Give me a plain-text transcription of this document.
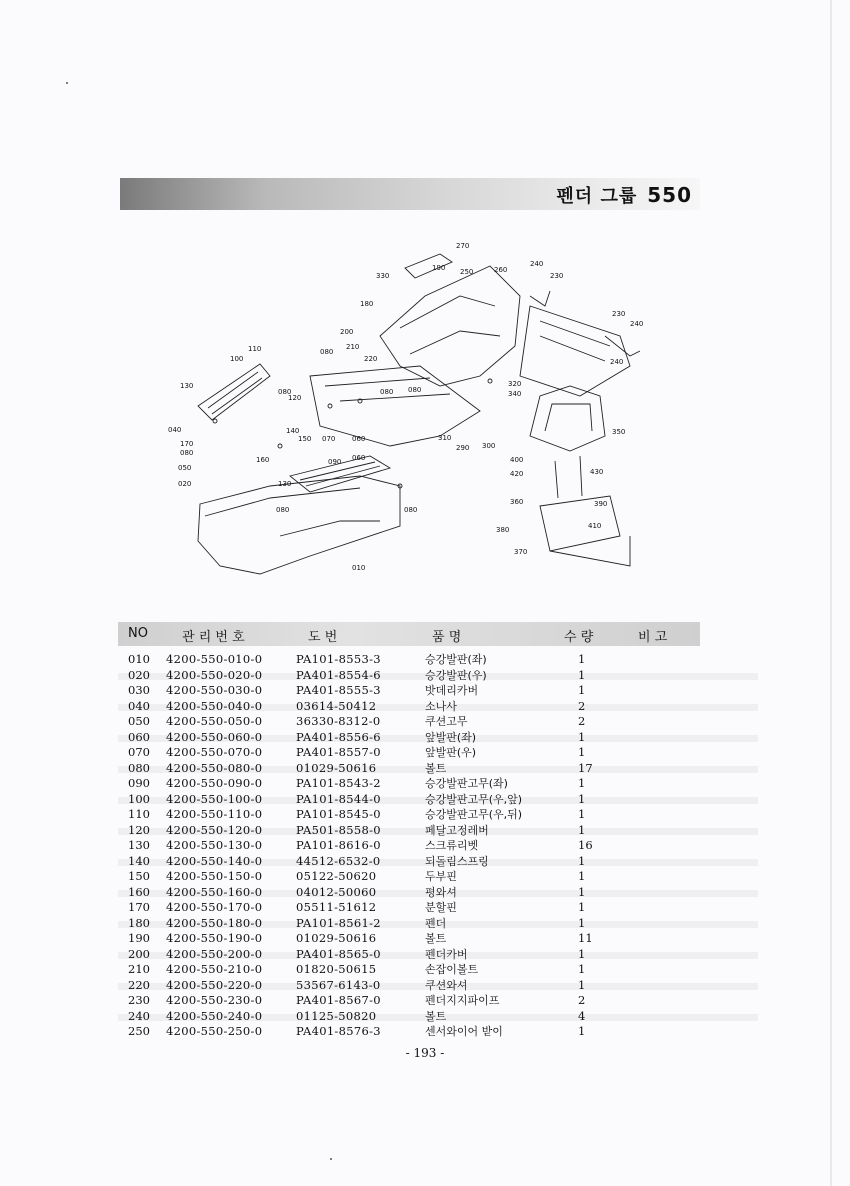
펜더 그룹 550
270
330
190 250	260
240
230
180
230
240
200
210
220
110	080
100	240
130
120
080	080
320
340
080
040
150 070 060
170
080
140
160
050
020
310
290 300
350
090 060
130
400
420	430
380
390
080	080
360
410
370
010
NO	관 리 번 호	도 번	품 명	수 량	비 고
010 4200-550-010-0	PA101-8553-3	승강발판(좌)	1
020 4200-550-020-0	PA401-8554-6	승강발판(우)	1
030 4200-550-030-0	PA401-8555-3	밧데리카버	1
040 4200-550-040-0	03614-50412	소나사	2
050 4200-550-050-0	36330-8312-0	쿠션고무	2
060 4200-550-060-0	PA401-8556-6	앞발판(좌)	1
070 4200-550-070-0	PA401-8557-0	앞발판(우)	1
080 4200-550-080-0	01029-50616	볼트	17
090 4200-550-090-0	PA101-8543-2	승강발판고무(좌)	1
100 4200-550-100-0	PA101-8544-0	승강발판고무(우,앞)	1
110 4200-550-110-0	PA101-8545-0	승강발판고무(우,뒤)	1
120 4200-550-120-0	PA501-8558-0	페달고정레버	1
130 4200-550-130-0	PA101-8616-0	스크류리벳	16
140 4200-550-140-0	44512-6532-0	되돌림스프링	1
150 4200-550-150-0	05122-50620	두부핀	1
160 4200-550-160-0	04012-50060	평와셔	1
170 4200-550-170-0	05511-51612	분할핀	1
180 4200-550-180-0	PA101-8561-2	펜더	1
190 4200-550-190-0	01029-50616	볼트	11
200 4200-550-200-0	PA401-8565-0	펜더카버	1
210 4200-550-210-0	01820-50615	손잡이볼트	1
220 4200-550-220-0	53567-6143-0	쿠션와셔	1
230 4200-550-230-0	PA401-8567-0	펜더지지파이프	2
240 4200-550-240-0	01125-50820	볼트	4
250 4200-550-250-0	PA401-8576-3	센서와이어 받이	1
- 193 -
